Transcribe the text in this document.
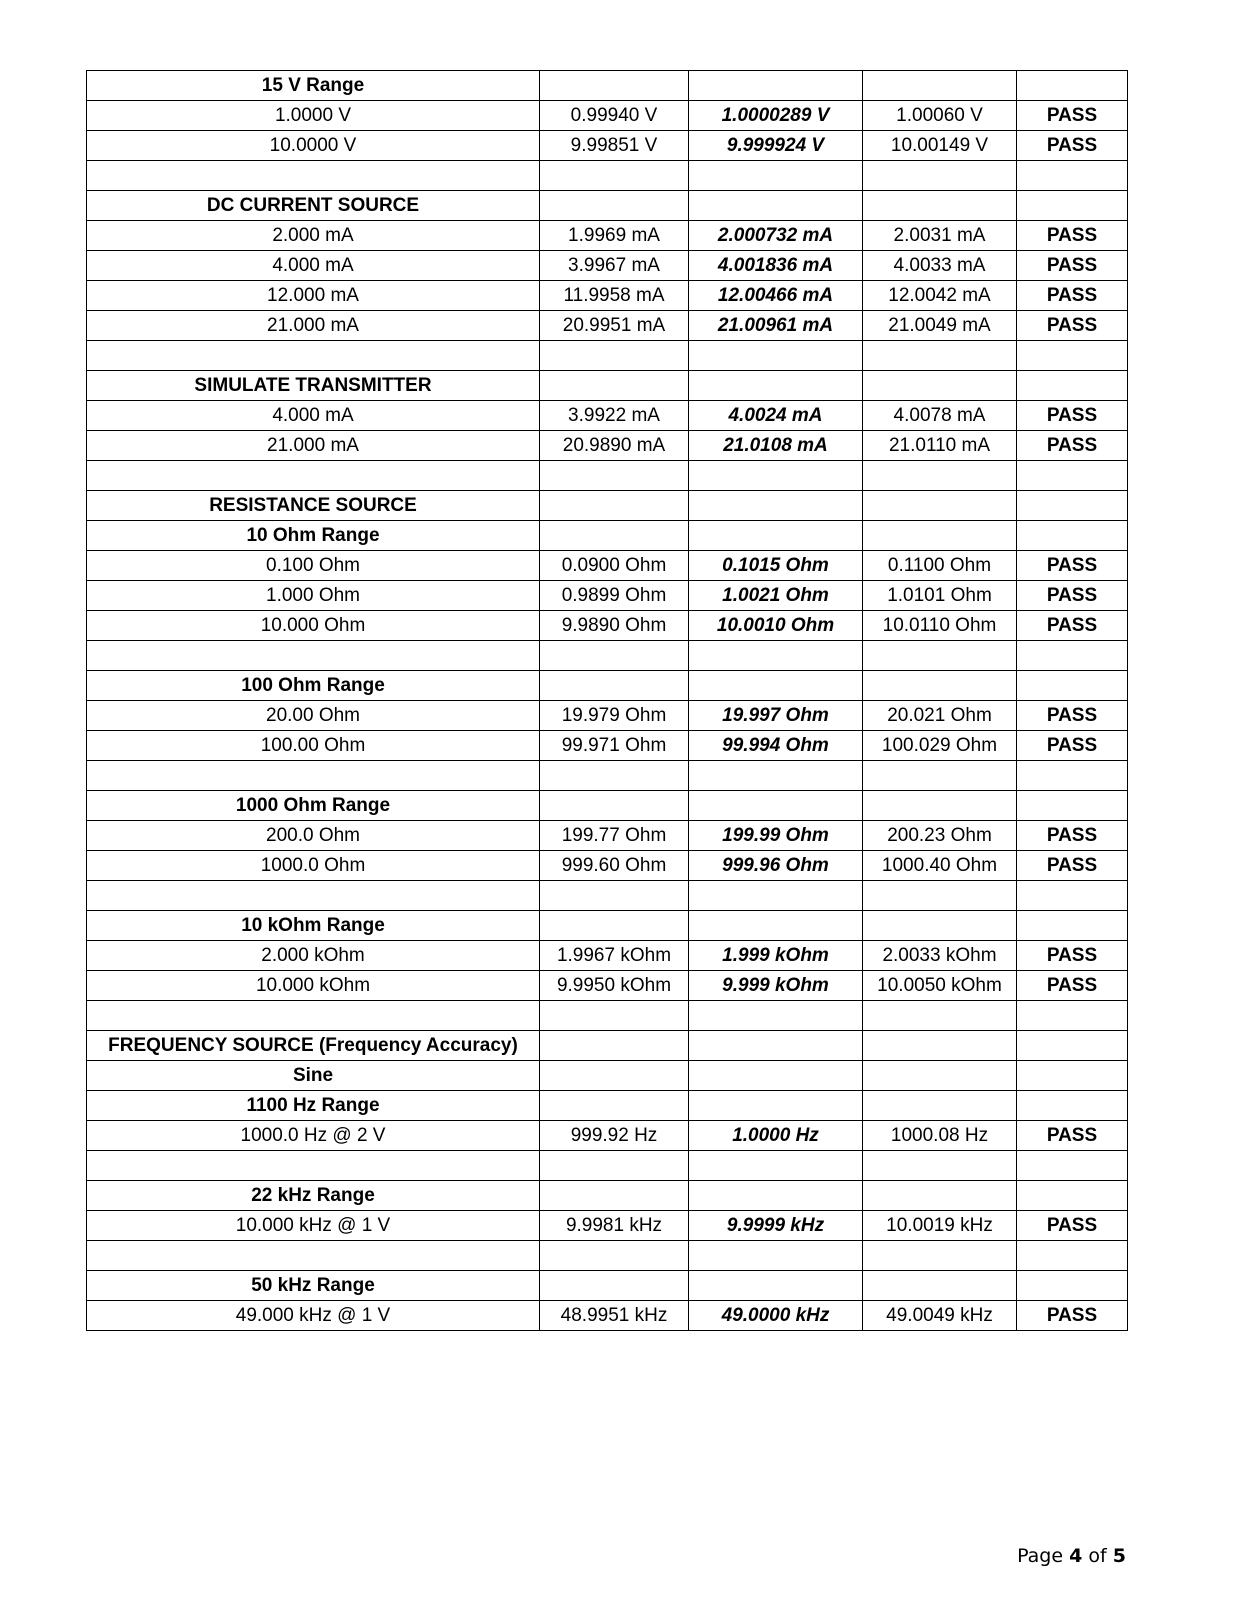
15 V Range				
1.0000 V	0.99940 V	1.0000289 V	1.00060 V	PASS
10.0000 V	9.99851 V	9.999924 V	10.00149 V	PASS

DC CURRENT SOURCE				
2.000 mA	1.9969 mA	2.000732 mA	2.0031 mA	PASS
4.000 mA	3.9967 mA	4.001836 mA	4.0033 mA	PASS
12.000 mA	11.9958 mA	12.00466 mA	12.0042 mA	PASS
21.000 mA	20.9951 mA	21.00961 mA	21.0049 mA	PASS

SIMULATE TRANSMITTER				
4.000 mA	3.9922 mA	4.0024 mA	4.0078 mA	PASS
21.000 mA	20.9890 mA	21.0108 mA	21.0110 mA	PASS

RESISTANCE SOURCE				
10 Ohm Range				
0.100 Ohm	0.0900 Ohm	0.1015 Ohm	0.1100 Ohm	PASS
1.000 Ohm	0.9899 Ohm	1.0021 Ohm	1.0101 Ohm	PASS
10.000 Ohm	9.9890 Ohm	10.0010 Ohm	10.0110 Ohm	PASS

100 Ohm Range				
20.00 Ohm	19.979 Ohm	19.997 Ohm	20.021 Ohm	PASS
100.00 Ohm	99.971 Ohm	99.994 Ohm	100.029 Ohm	PASS

1000 Ohm Range				
200.0 Ohm	199.77 Ohm	199.99 Ohm	200.23 Ohm	PASS
1000.0 Ohm	999.60 Ohm	999.96 Ohm	1000.40 Ohm	PASS

10 kOhm Range				
2.000 kOhm	1.9967 kOhm	1.999 kOhm	2.0033 kOhm	PASS
10.000 kOhm	9.9950 kOhm	9.999 kOhm	10.0050 kOhm	PASS

FREQUENCY SOURCE (Frequency Accuracy)				
Sine				
1100 Hz Range				
1000.0 Hz @ 2 V	999.92 Hz	1.0000 Hz	1000.08 Hz	PASS

22 kHz Range				
10.000 kHz @ 1 V	9.9981 kHz	9.9999 kHz	10.0019 kHz	PASS

50 kHz Range				
49.000 kHz @ 1 V	48.9951 kHz	49.0000 kHz	49.0049 kHz	PASS
Page 4 of 5
